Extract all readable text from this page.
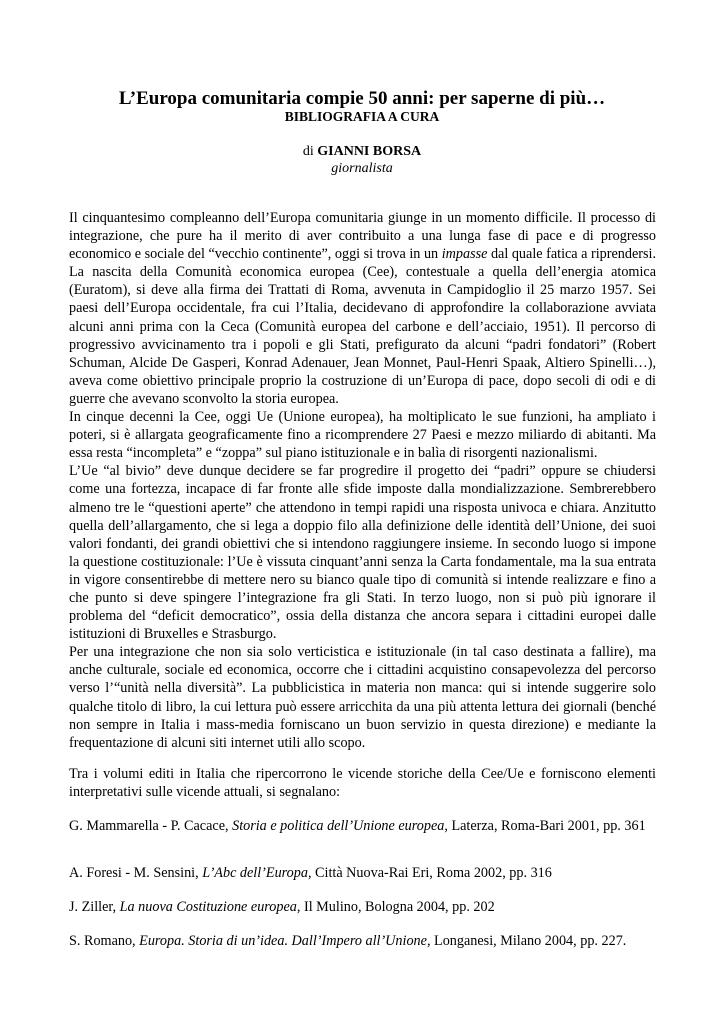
L’Europa comunitaria compie 50 anni: per saperne di più…
BIBLIOGRAFIA A CURA
di GIANNI BORSA
giornalista

Il cinquantesimo compleanno dell’Europa comunitaria giunge in un momento difficile. Il processo di integrazione, che pure ha il merito di aver contribuito a una lunga fase di pace e di progresso economico e sociale del “vecchio continente”, oggi si trova in un impasse dal quale fatica a riprendersi.

La nascita della Comunità economica europea (Cee), contestuale a quella dell’energia atomica (Euratom), si deve alla firma dei Trattati di Roma, avvenuta in Campidoglio il 25 marzo 1957. Sei paesi dell’Europa occidentale, fra cui l’Italia, decidevano di approfondire la collaborazione avviata alcuni anni prima con la Ceca (Comunità europea del carbone e dell’acciaio, 1951). Il percorso di progressivo avvicinamento tra i popoli e gli Stati, prefigurato da alcuni “padri fondatori” (Robert Schuman, Alcide De Gasperi, Konrad Adenauer, Jean Monnet, Paul-Henri Spaak, Altiero Spinelli…), aveva come obiettivo principale proprio la costruzione di un’Europa di pace, dopo secoli di odi e di guerre che avevano sconvolto la storia europea.

In cinque decenni la Cee, oggi Ue (Unione europea), ha moltiplicato le sue funzioni, ha ampliato i poteri, si è allargata geograficamente fino a ricomprendere 27 Paesi e mezzo miliardo di abitanti. Ma essa resta “incompleta” e “zoppa” sul piano istituzionale e in balìa di risorgenti nazionalismi.

L’Ue “al bivio” deve dunque decidere se far progredire il progetto dei “padri” oppure se chiudersi come una fortezza, incapace di far fronte alle sfide imposte dalla mondializzazione. Sembrerebbero almeno tre le “questioni aperte” che attendono in tempi rapidi una risposta univoca e chiara. Anzitutto quella dell’allargamento, che si lega a doppio filo alla definizione delle identità dell’Unione, dei suoi valori fondanti, dei grandi obiettivi che si intendono raggiungere insieme. In secondo luogo si impone la questione costituzionale: l’Ue è vissuta cinquant’anni senza la Carta fondamentale, ma la sua entrata in vigore consentirebbe di mettere nero su bianco quale tipo di comunità si intende realizzare e fino a che punto si deve spingere l’integrazione fra gli Stati. In terzo luogo, non si può più ignorare il problema del “deficit democratico”, ossia della distanza che ancora separa i cittadini europei dalle istituzioni di Bruxelles e Strasburgo.

Per una integrazione che non sia solo verticistica e istituzionale (in tal caso destinata a fallire), ma anche culturale, sociale ed economica, occorre che i cittadini acquistino consapevolezza del percorso verso l’“unità nella diversità”. La pubblicistica in materia non manca: qui si intende suggerire solo qualche titolo di libro, la cui lettura può essere arricchita da una più attenta lettura dei giornali (benché non sempre in Italia i mass-media forniscano un buon servizio in questa direzione) e mediante la frequentazione di alcuni siti internet utili allo scopo.

Tra i volumi editi in Italia che ripercorrono le vicende storiche della Cee/Ue e forniscono elementi interpretativi sulle vicende attuali, si segnalano:
G. Mammarella - P. Cacace, Storia e politica dell’Unione europea, Laterza, Roma-Bari 2001, pp. 361
A. Foresi - M. Sensini, L’Abc dell’Europa, Città Nuova-Rai Eri, Roma 2002, pp. 316
J. Ziller, La nuova Costituzione europea, Il Mulino, Bologna 2004, pp. 202
S. Romano, Europa. Storia di un’idea. Dall’Impero all’Unione, Longanesi, Milano 2004, pp. 227.
